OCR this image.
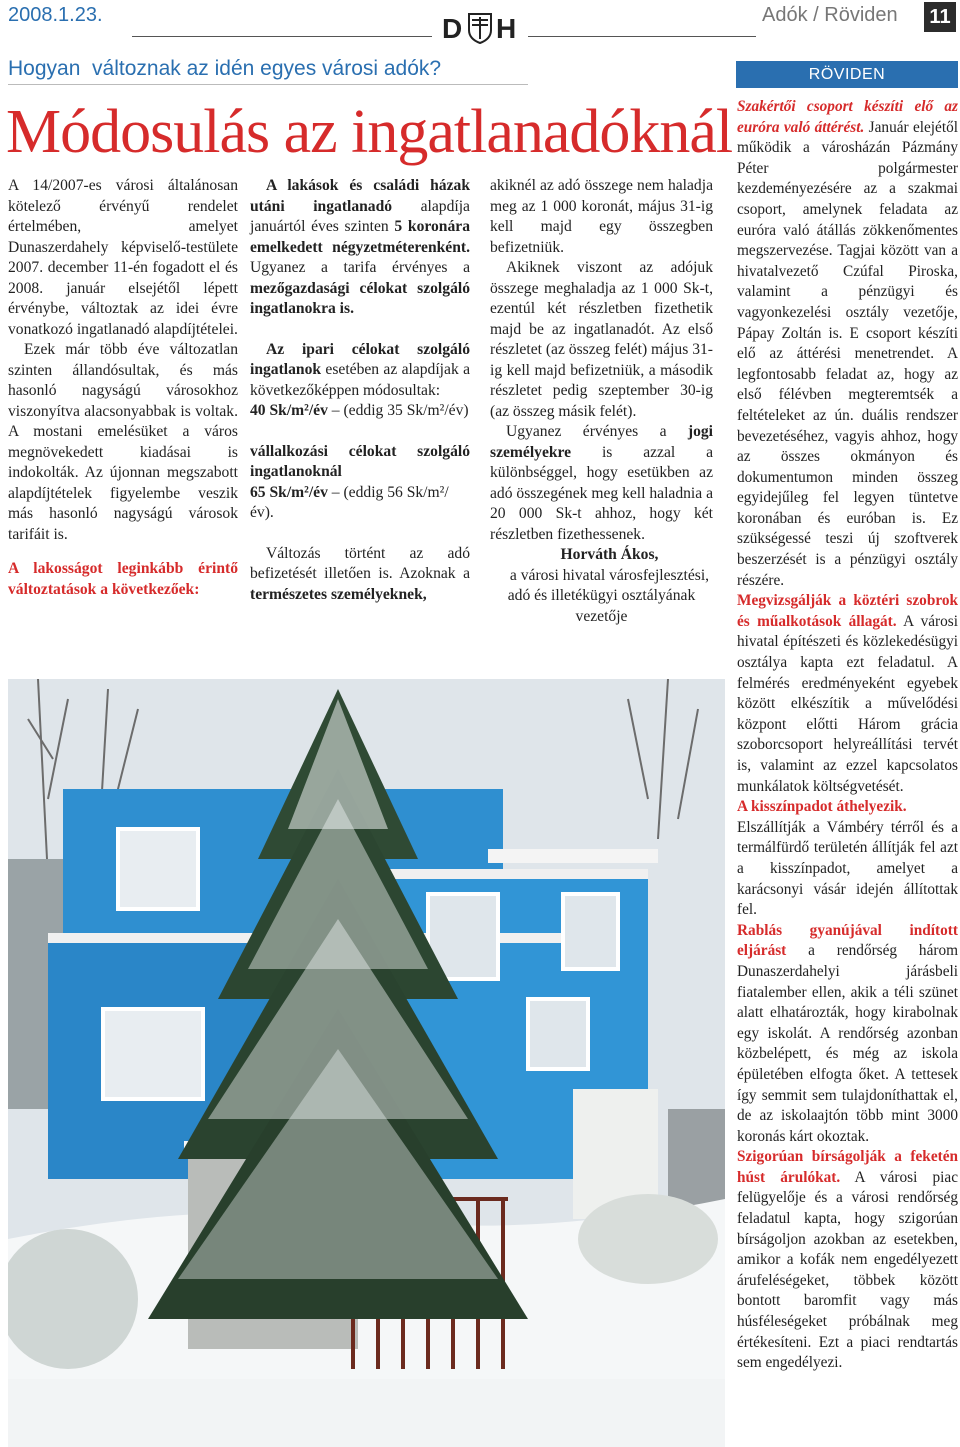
2008.1.23.	D H	Adók / Röviden 11
Hogyan  változnak az idén egyes városi adók?
Módosulás az ingatlanadóknál

A 14/2007-es városi általánosan kötelező érvényű rendelet értelmében, amelyet Dunaszerdahely képviselő-testülete 2007. december 11-én fogadott el és 2008. január elsejétől lépett érvénybe, változtak az idei évre vonatkozó ingatlanadó alapdíjtételei.

Ezek már több éve változatlan szinten állandósultak, és más hasonló nagyságú városokhoz viszonyítva alacsonyabbak is voltak. A mostani emelésüket a város megnövekedett kiadásai is indokolták. Az újonnan megszabott alapdíjtételek figyelembe veszik más hasonló nagyságú városok tarifáit is.

A lakosságot leginkább érintő változtatások a következőek:

A lakások és családi házak utáni ingatlanadó alapdíja januártól éves szinten 5 koronára emelkedett négyzetméterenként. Ugyanez a tarifa érvényes a mezőgazdasági célokat szolgáló ingatlanokra is.

Az ipari célokat szolgáló ingatlanok esetében az alapdíjak a következőképpen módosultak:

40 Sk/m²/év – (eddig 35 Sk/m²/év)

vállalkozási célokat szolgáló ingatlanoknál

65 Sk/m²/év – (eddig 56 Sk/m²/év).

Változás történt az adó befizetését illetően is. Azoknak a természetes személyeknek,

akiknél az adó összege nem haladja meg az 1 000 koronát, május 31-ig kell majd egy összegben befizetniük.

Akiknek viszont az adójuk összege meghaladja az 1 000 Sk-t, ezentúl két részletben fizethetik majd be az ingatlanadót. Az első részletet (az összeg felét) május 31-ig kell majd befizetniük, a második részletet pedig szeptember 30-ig (az összeg másik felét).

Ugyanez érvényes a jogi személyekre is azzal a különbséggel, hogy esetükben az adó összegének meg kell haladnia a 20 000 Sk-t ahhoz, hogy két részletben fizethessenek.

Horváth Ákos,

a városi hivatal városfejlesztési, adó és illetékügyi osztályának vezetője

RÖVIDEN

Szakértői csoport készíti elő az euróra való áttérést. Január elejétől működik a városházán Pázmány Péter polgármester kezdeményezésére az a szakmai csoport, amelynek feladata az euróra való átállás zökkenőmentes megszervezése. Tagjai között van a hivatalvezető Czúfal Piroska, valamint a pénzügyi és vagyonkezelési osztály vezetője, Pápay Zoltán is. E csoport készíti elő az áttérési menetrendet. A legfontosabb feladat az, hogy az első félévben megteremtsék a feltételeket az ún. duális rendszer bevezetéséhez, vagyis ahhoz, hogy az összes okmányon és dokumentumon minden összeg egyidejűleg fel legyen tüntetve koronában és euróban is. Ez szükségessé teszi új szoftverek beszerzését is a pénzügyi osztály részére.

Megvizsgálják a köztéri szobrok és műalkotások állagát. A városi hivatal építészeti és közlekedésügyi osztálya kapta ezt feladatul. A felmérés eredményeként egyebek között elkészítik a művelődési központ előtti Három grácia szoborcsoport helyreállítási tervét is, valamint az ezzel kapcsolatos munkálatok költségvetését.

A kisszínpadot áthelyezik.

Elszállítják a Vámbéry térről és a termálfürdő területén állítják fel azt a kisszínpadot, amelyet a karácsonyi vásár idején állítottak fel.

Rablás gyanújával indított eljárást a rendőrség három Dunaszerdahelyi járásbeli fiatalember ellen, akik a téli szünet alatt elhatározták, hogy kirabolnak egy iskolát. A rendőrség azonban közbelépett, és még az iskola épületében elfogta őket. A tettesek így semmit sem tulajdoníthattak el, de az iskolaajtón több mint 3000 koronás kárt okoztak.

Szigorúan bírságolják a feketén húst árulókat. A városi piac felügyelője és a városi rendőrség feladatul kapta, hogy szigorúan bírságoljon azokban az esetekben, amikor a kofák nem engedélyezett árufeléségeket, többek között bontott baromfit vagy más húsféleségeket próbálnak meg értékesíteni. Ezt a piaci rendtartás sem engedélyezi.
